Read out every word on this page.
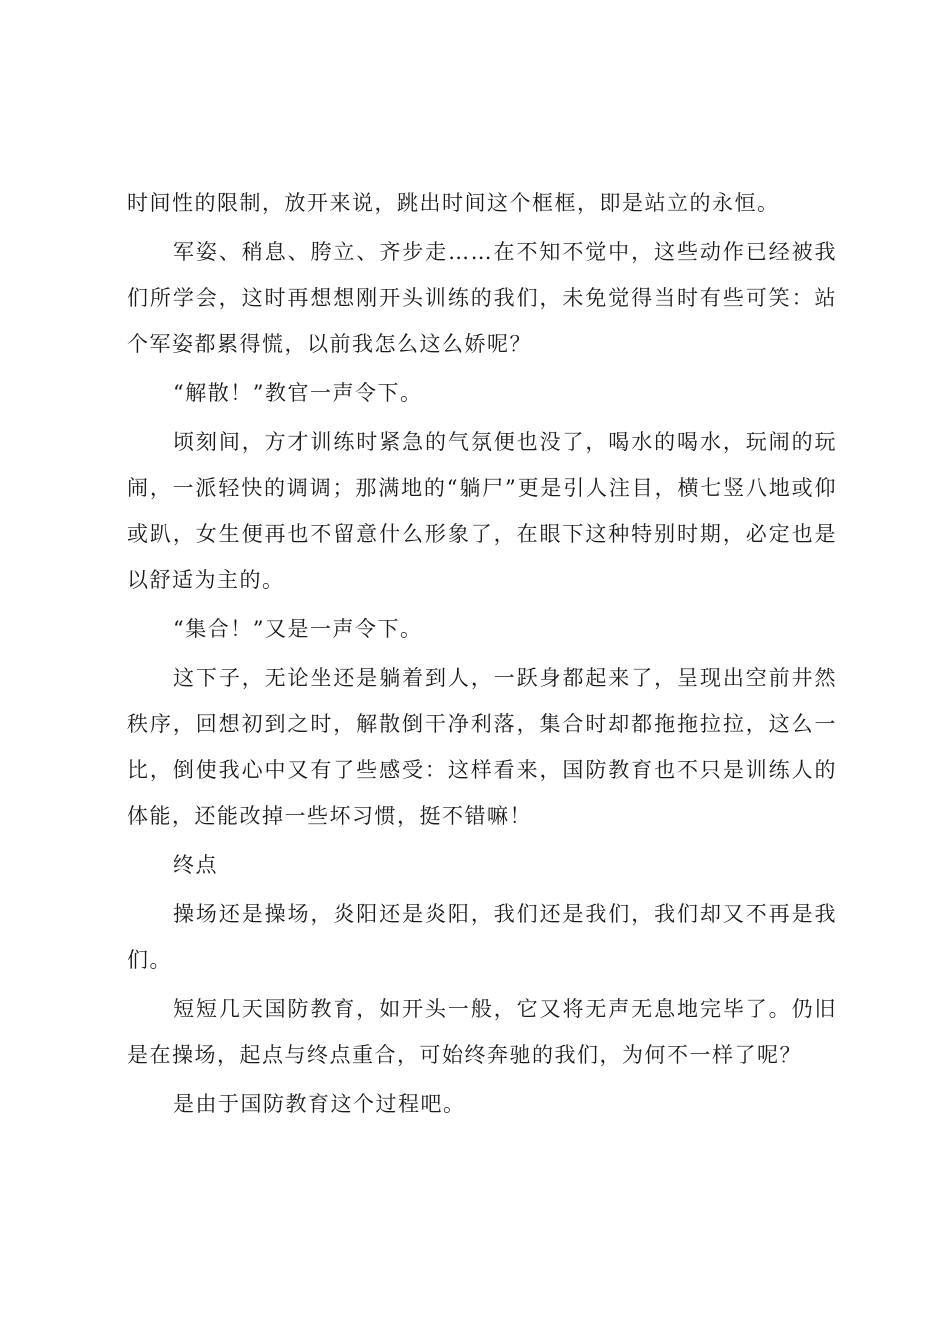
时间性的限制，放开来说，跳出时间这个框框，即是站立的永恒。

军姿、稍息、胯立、齐步走……在不知不觉中，这些动作已经被我们所学会，这时再想想刚开头训练的我们，未免觉得当时有些可笑：站个军姿都累得慌，以前我怎么这么娇呢？

“解散！”教官一声令下。

顷刻间，方才训练时紧急的气氛便也没了，喝水的喝水，玩闹的玩闹，一派轻快的调调；那满地的“躺尸”更是引人注目，横七竖八地或仰或趴，女生便再也不留意什么形象了，在眼下这种特别时期，必定也是以舒适为主的。

“集合！”又是一声令下。

这下子，无论坐还是躺着到人，一跃身都起来了，呈现出空前井然秩序，回想初到之时，解散倒干净利落，集合时却都拖拖拉拉，这么一比，倒使我心中又有了些感受：这样看来，国防教育也不只是训练人的体能，还能改掉一些坏习惯，挺不错嘛！

终点

操场还是操场，炎阳还是炎阳，我们还是我们，我们却又不再是我们。

短短几天国防教育，如开头一般，它又将无声无息地完毕了。仍旧是在操场，起点与终点重合，可始终奔驰的我们，为何不一样了呢？

是由于国防教育这个过程吧。
